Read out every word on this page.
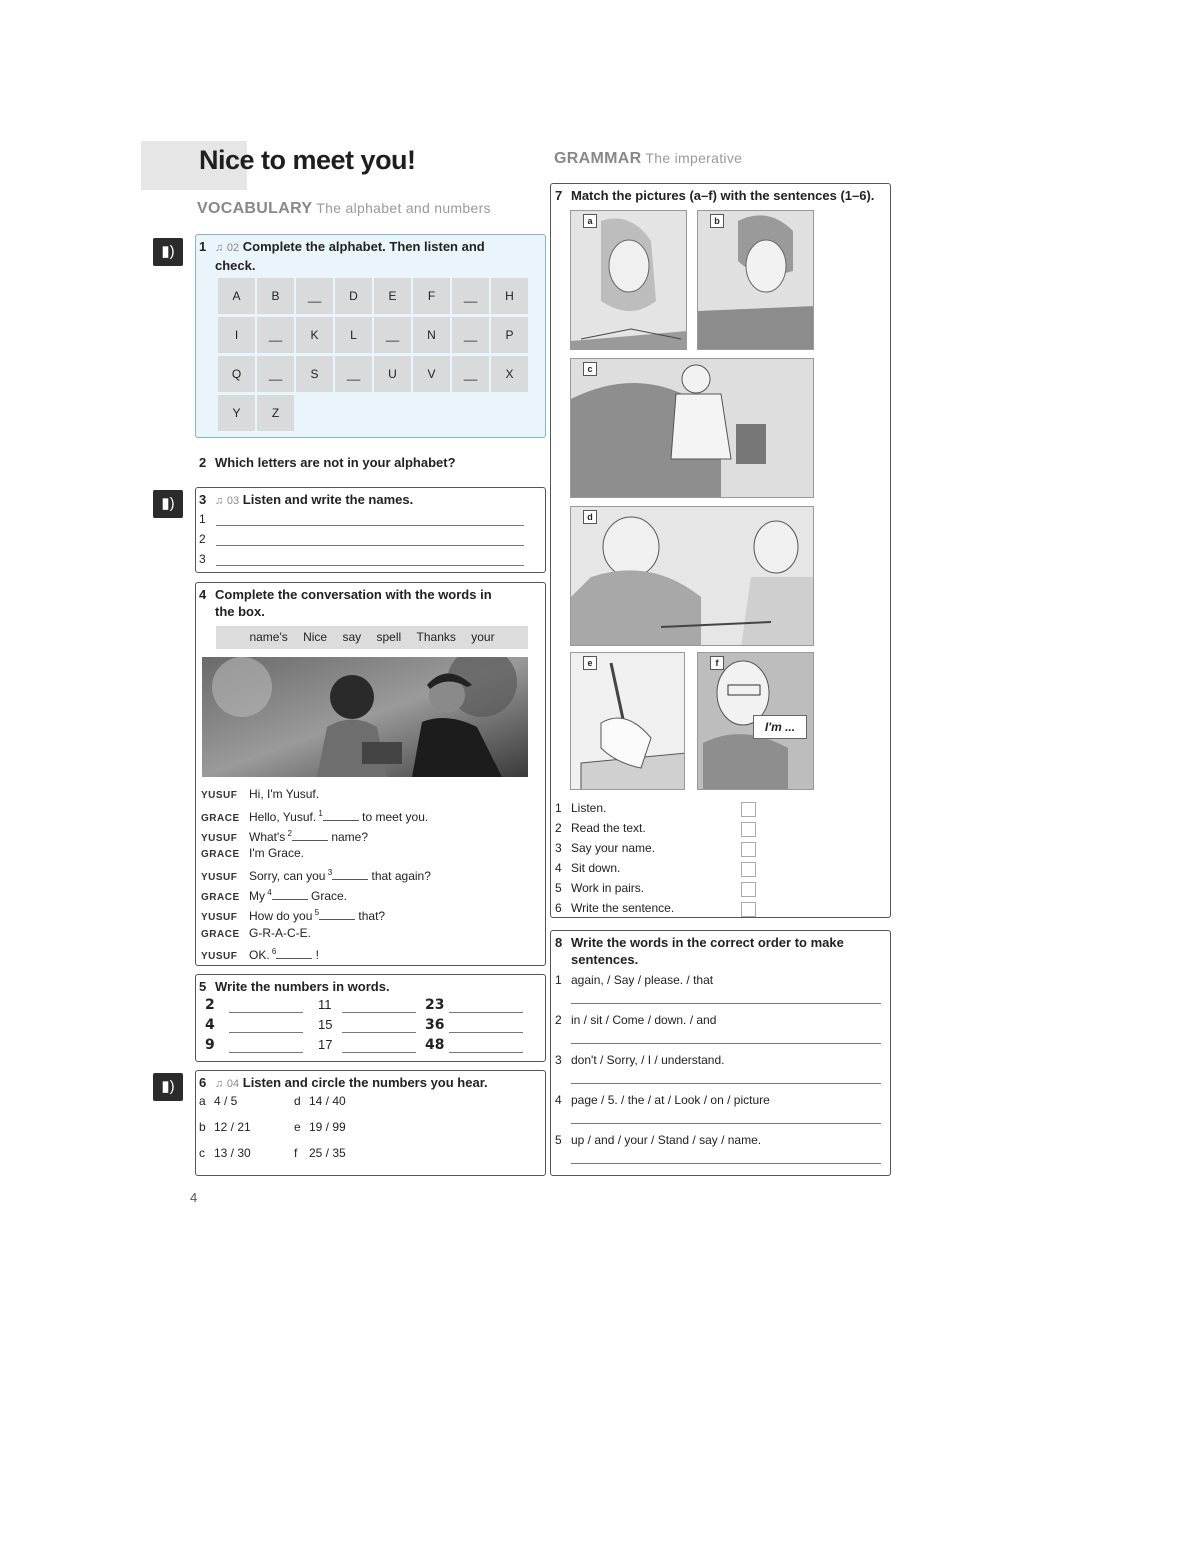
Nice to meet you!
VOCABULARY The alphabet and numbers
GRAMMAR The imperative
▮)
▮)
▮)
1 ♫ 02 Complete the alphabet. Then listen and
check.
2 Which letters are not in your alphabet?
3 ♫ 03 Listen and write the names.
1
2
3
4 Complete the conversation with the words in
the box.
name's Nice say spell Thanks your
5 Write the numbers in words.
6 ♫ 04 Listen and circle the numbers you hear.
7 Match the pictures (a–f) with the sentences (1–6).
a	b
c
d
e	f
I'm ...
8 Write the words in the correct order to make
sentences.
4
A	B	__	D	E	F	__	H
I	__	K	L	__	N	__	P
Q	__	S	__	U	V	__	X
Y	Z
YUSUF Hi, I'm Yusuf.
GRACE Hello, Yusuf. $^1$	to meet you.
YUSUF What's $^2$	name?
GRACE I'm Grace.
YUSUF Sorry, can you $^3$	that again?
GRACE My $^4$	Grace.
YUSUF How do you $^5$	that?
GRACE G-R-A-C-E.
YUSUF OK. $^6$	!
2	11	23
4	15	36
9	17	48
a 4 / 5	d 14 / 40
b 12 / 21	e 19 / 99
c 13 / 30	f 25 / 35
1 Listen.
2 Read the text.
3 Say your name.
4 Sit down.
5 Work in pairs.
6 Write the sentence.
1 again, / Say / please. / that
2 in / sit / Come / down. / and
3 don't / Sorry, / I / understand.
4 page / 5. / the / at / Look / on / picture
5 up / and / your / Stand / say / name.
